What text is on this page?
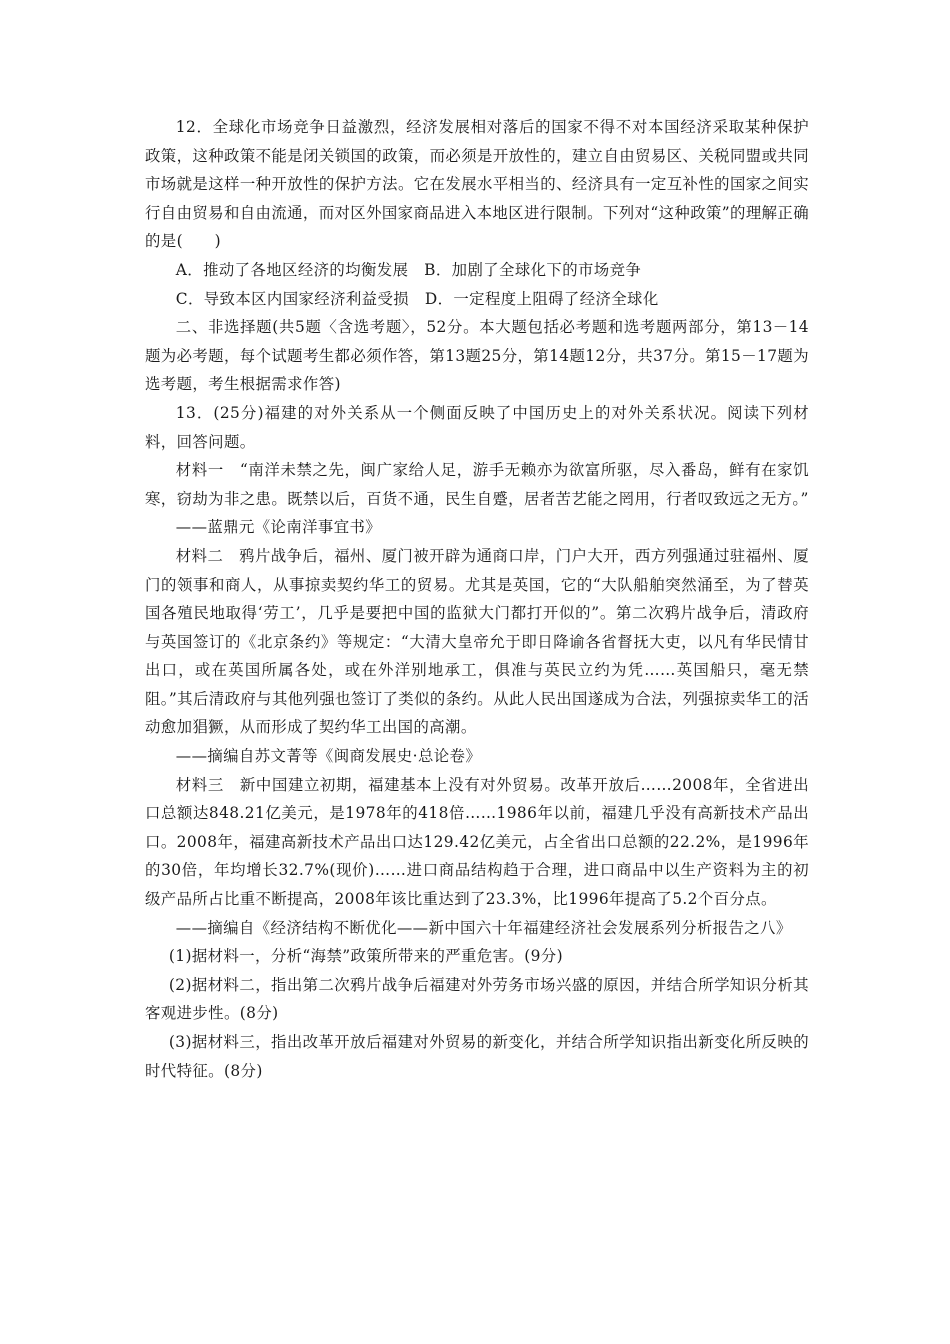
12．全球化市场竞争日益激烈，经济发展相对落后的国家不得不对本国经济采取某种保护政策，这种政策不能是闭关锁国的政策，而必须是开放性的，建立自由贸易区、关税同盟或共同市场就是这样一种开放性的保护方法。它在发展水平相当的、经济具有一定互补性的国家之间实行自由贸易和自由流通，而对区外国家商品进入本地区进行限制。下列对“这种政策”的理解正确的是(　　)

A．推动了各地区经济的均衡发展　B．加剧了全球化下的市场竞争

C．导致本区内国家经济利益受损　D．一定程度上阻碍了经济全球化

二、非选择题(共5题〈含选考题〉，52分。本大题包括必考题和选考题两部分，第13－14题为必考题，每个试题考生都必须作答，第13题25分，第14题12分，共37分。第15－17题为选考题，考生根据需求作答)

13．(25分)福建的对外关系从一个侧面反映了中国历史上的对外关系状况。阅读下列材料，回答问题。

材料一　“南洋未禁之先，闽广家给人足，游手无赖亦为欲富所驱，尽入番岛，鲜有在家饥寒，窃劫为非之患。既禁以后，百货不通，民生自蹙，居者苦艺能之罔用，行者叹致远之无方。”

——蓝鼎元《论南洋事宜书》

材料二　鸦片战争后，福州、厦门被开辟为通商口岸，门户大开，西方列强通过驻福州、厦门的领事和商人，从事掠卖契约华工的贸易。尤其是英国，它的“大队船舶突然涌至，为了替英国各殖民地取得‘劳工’，几乎是要把中国的监狱大门都打开似的”。第二次鸦片战争后，清政府与英国签订的《北京条约》等规定：“大清大皇帝允于即日降谕各省督抚大吏，以凡有华民情甘出口，或在英国所属各处，或在外洋别地承工，俱准与英民立约为凭……英国船只，毫无禁阻。”其后清政府与其他列强也签订了类似的条约。从此人民出国遂成为合法，列强掠卖华工的活动愈加猖獗，从而形成了契约华工出国的高潮。

——摘编自苏文菁等《闽商发展史·总论卷》

材料三　新中国建立初期，福建基本上没有对外贸易。改革开放后……2008年，全省进出口总额达848.21亿美元，是1978年的418倍……1986年以前，福建几乎没有高新技术产品出口。2008年，福建高新技术产品出口达129.42亿美元，占全省出口总额的22.2%，是1996年的30倍，年均增长32.7%(现价)……进口商品结构趋于合理，进口商品中以生产资料为主的初级产品所占比重不断提高，2008年该比重达到了23.3%，比1996年提高了5.2个百分点。

——摘编自《经济结构不断优化——新中国六十年福建经济社会发展系列分析报告之八》

(1)据材料一，分析“海禁”政策所带来的严重危害。(9分)

(2)据材料二，指出第二次鸦片战争后福建对外劳务市场兴盛的原因，并结合所学知识分析其客观进步性。(8分)

(3)据材料三，指出改革开放后福建对外贸易的新变化，并结合所学知识指出新变化所反映的时代特征。(8分)
